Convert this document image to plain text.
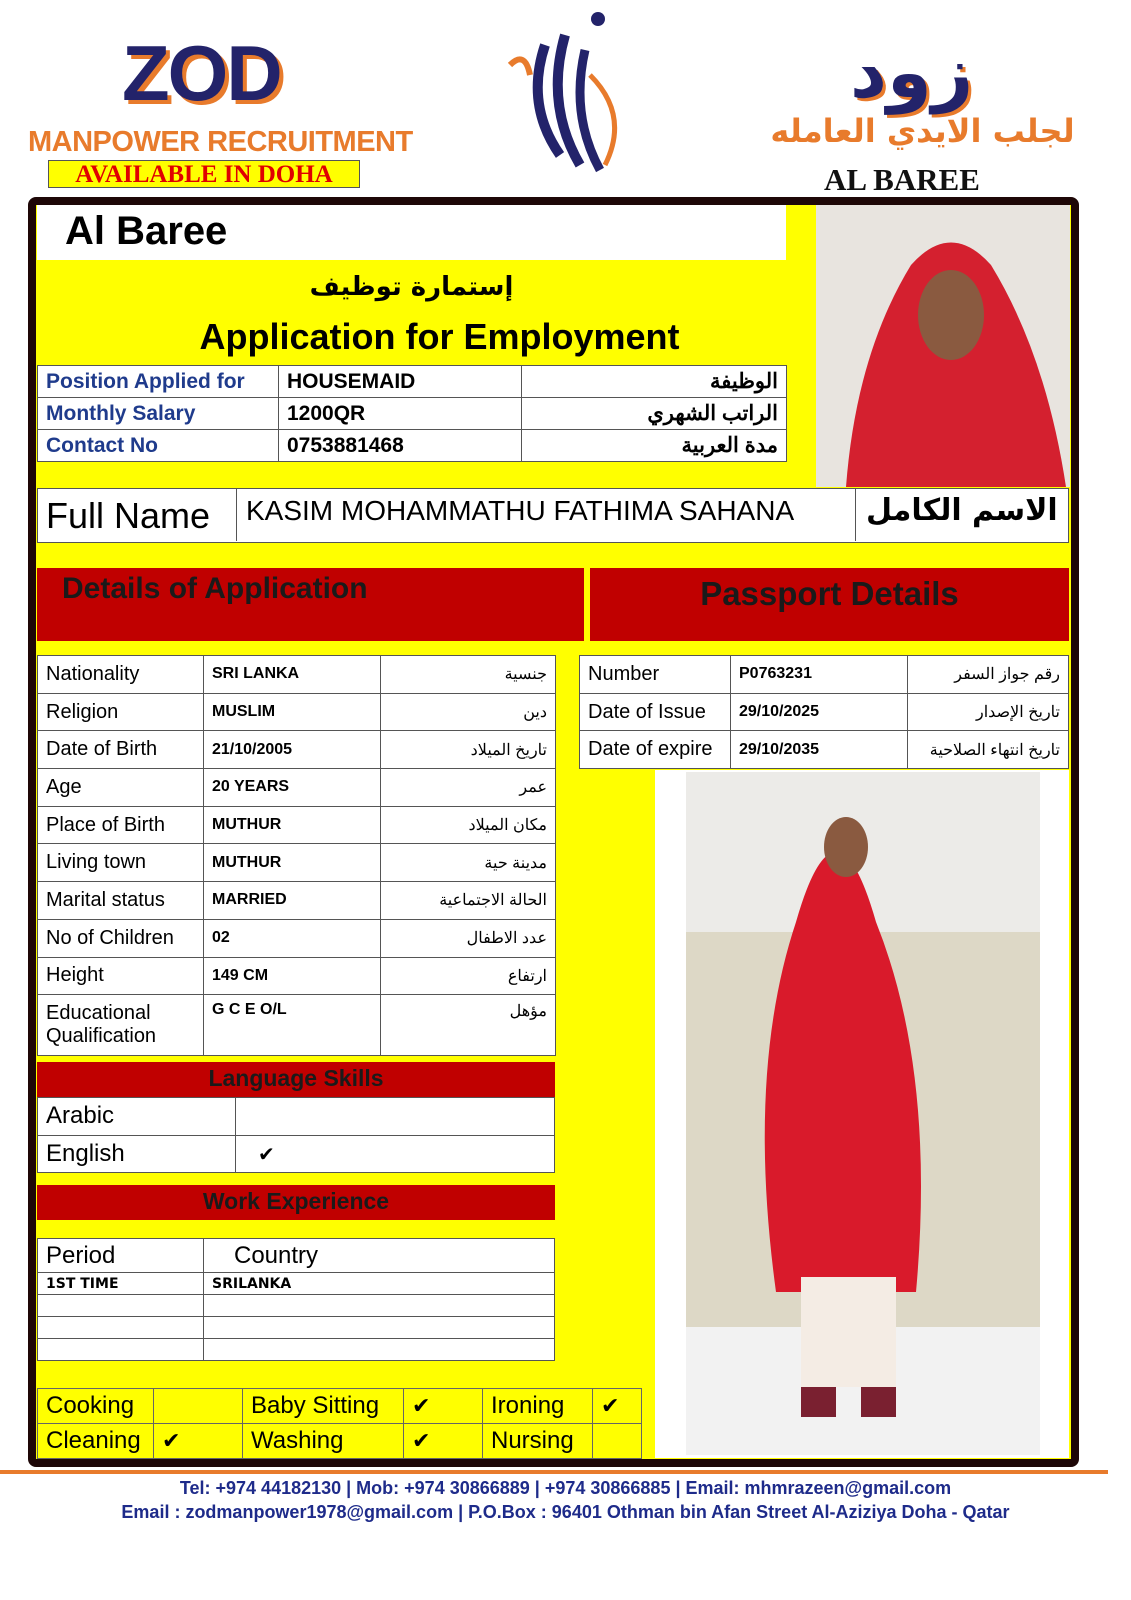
ZOD
MANPOWER RECRUITMENT
AVAILABLE IN DOHA
زود
لجلب الايدي العامله
AL BAREE
Al Baree
إستمارة توظيف
Application for Employment
Position Applied for	HOUSEMAID	الوظيفة
Monthly Salary	1200QR	الراتب الشهري
Contact No	0753881468	مدة العربية
Full Name KASIM MOHAMMATHU FATHIMA SAHANA الاسم الكامل
Details of Application	Passport Details
Nationality	SRI LANKA	جنسية
Religion	MUSLIM	دين
Date of Birth	21/10/2005	تاريخ الميلاد
Age	20 YEARS	عمر
Place of Birth	MUTHUR	مكان الميلاد
Living town	MUTHUR	مدينة حية
Marital status	MARRIED	الحالة الاجتماعية
No of Children	02	عدد الاطفال
Height	149 CM	ارتفاع
Educational Qualification	G C E O/L	مؤهل
Number	P0763231	رقم جواز السفر
Date of Issue	29/10/2025	تاريخ الإصدار
Date of expire	29/10/2035	تاريخ انتهاء الصلاحية
Language Skills
Arabic	
English	✔
Work Experience
Period	Country
1ST TIME	SRILANKA

Cooking		Baby Sitting	✔	Ironing	✔
Cleaning	✔	Washing	✔	Nursing	
Tel: +974 44182130 | Mob: +974 30866889 | +974 30866885 | Email: mhmrazeen@gmail.com
Email : zodmanpower1978@gmail.com | P.O.Box : 96401 Othman bin Afan Street Al-Aziziya Doha - Qatar
